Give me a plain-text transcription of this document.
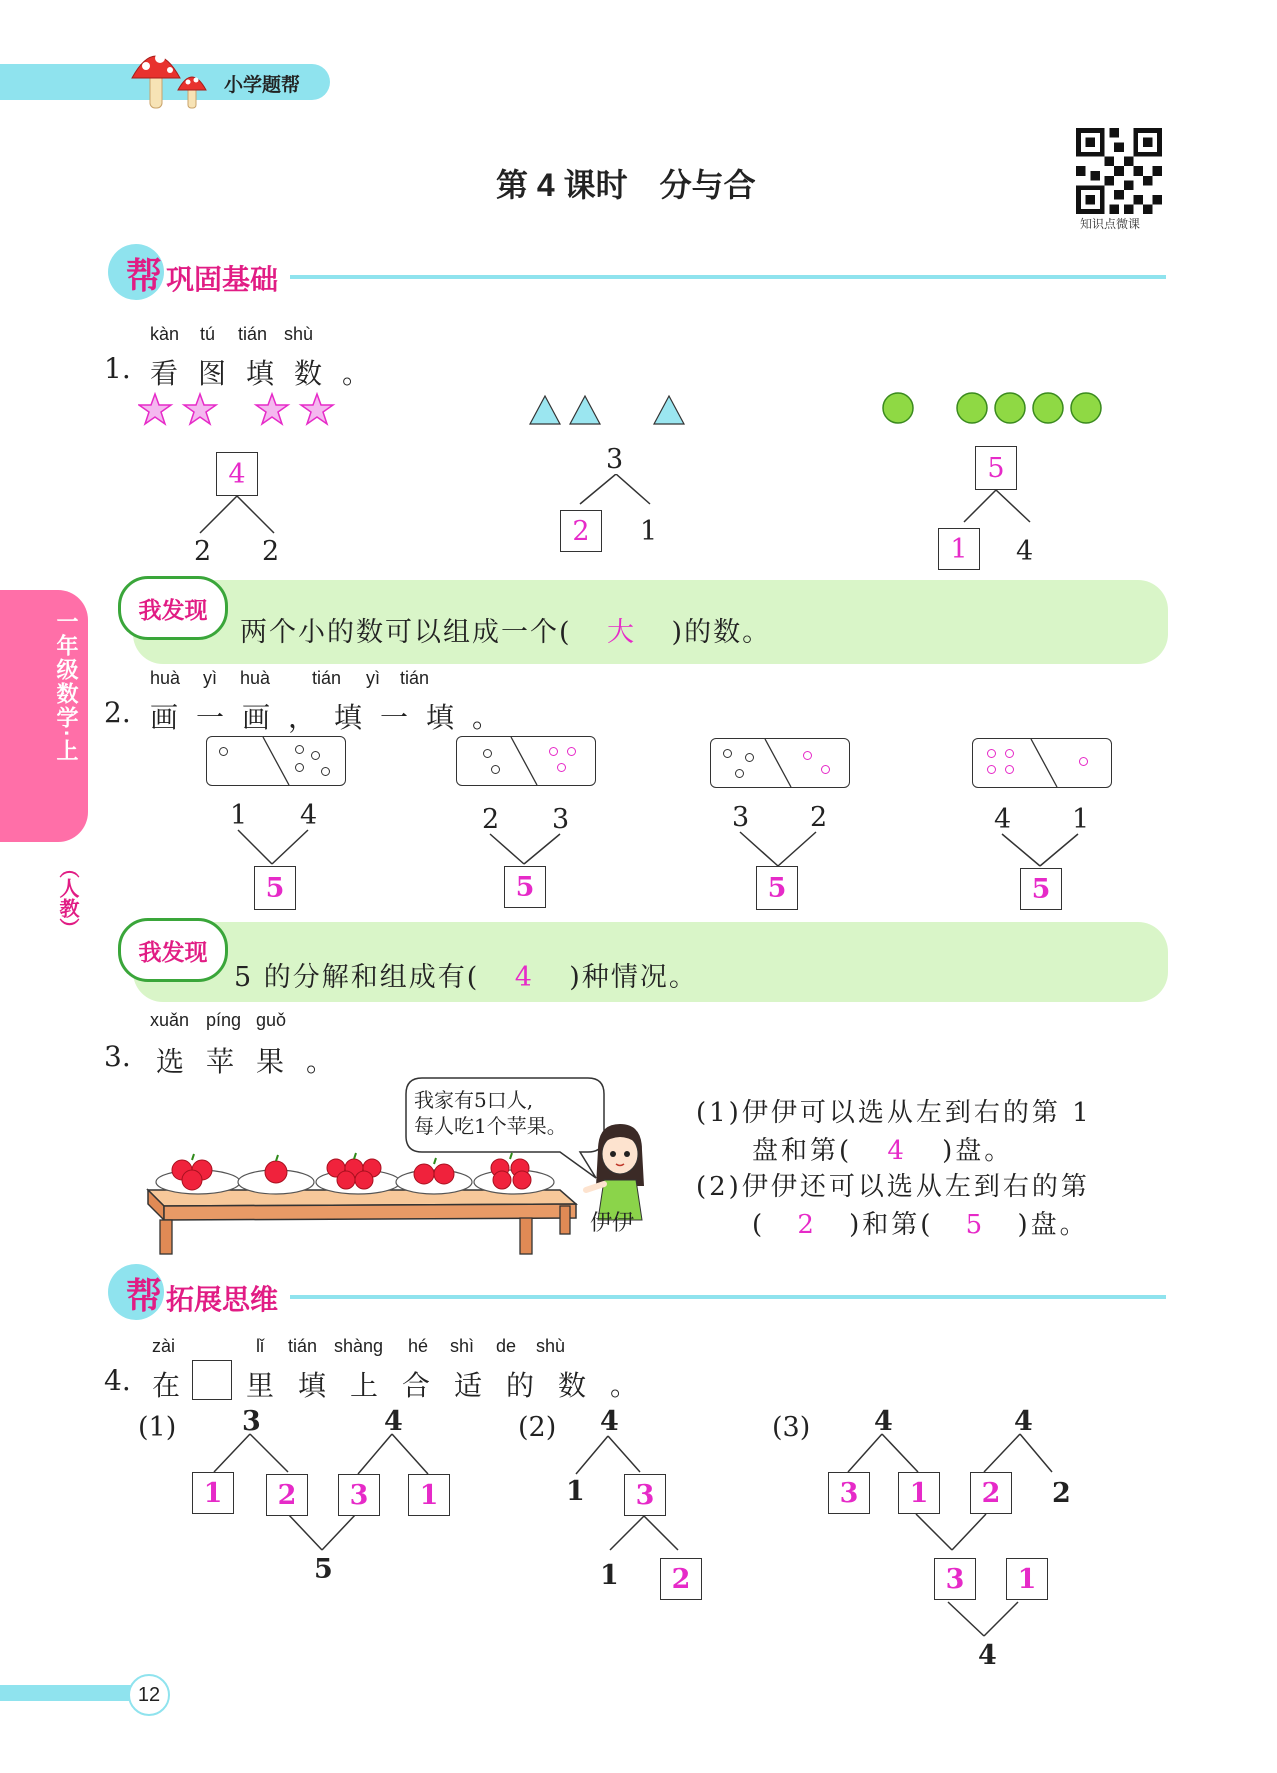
小学题帮
第 4 课时　分与合
知识点微课
一年级数学·上
（人教）
帮 巩固基础
kàn tú tián shù
1. 看图填数。
4
2 2
3
2	1
5
1	4
我发现
两个小的数可以组成一个( 大 )的数。
huà yì huà tián yì tián
2. 画一画，填一填。
1 4
5
2 3
5
3 2
5
4 1
5
我发现
5 的分解和组成有( 4 )种情况。
xuǎn píng guǒ
3. 选苹果。
我家有5口人,
每人吃1个苹果。
伊伊
(1)伊伊可以选从左到右的第 1
盘和第( 4 )盘。
(2)伊伊还可以选从左到右的第
( 2 )和第( 5 )盘。
帮 拓展思维
zài	lǐ tián shàng hé shì de shù
4. 在 里填上合适的数。
(1) 3	4
1	2	3	1
5
(2) 4
1	3
1	2
(3) 4	4
3	1	2	2
3	1
4
12
